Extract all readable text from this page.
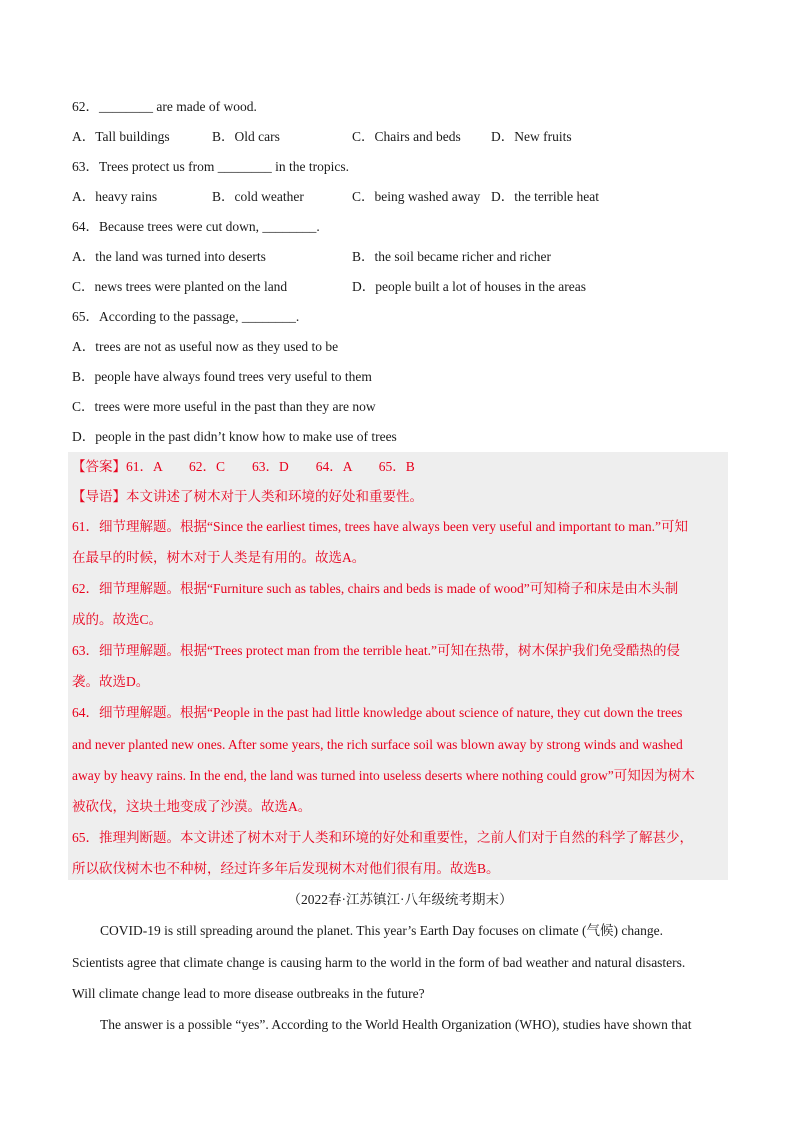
62．________ are made of wood.
A．Tall buildings	B．Old cars	C．Chairs and beds D．New fruits
63．Trees protect us from ________ in the tropics.
A．heavy rains	B．cold weather	C．being washed away D．the terrible heat
64．Because trees were cut down, ________.
A．the land was turned into deserts	B．the soil became richer and richer
C．news trees were planted on the land	D．people built a lot of houses in the areas
65．According to the passage, ________.
A．trees are not as useful now as they used to be
B．people have always found trees very useful to them
C．trees were more useful in the past than they are now
D．people in the past didn’t know how to make use of trees
【答案】61．A　　62．C　　63．D　　64．A　　65．B
【导语】本文讲述了树木对于人类和环境的好处和重要性。
61．细节理解题。根据“Since the earliest times, trees have always been very useful and important to man.”可知
在最早的时候，树木对于人类是有用的。故选A。
62．细节理解题。根据“Furniture such as tables, chairs and beds is made of wood”可知椅子和床是由木头制
成的。故选C。
63．细节理解题。根据“Trees protect man from the terrible heat.”可知在热带，树木保护我们免受酷热的侵
袭。故选D。
64．细节理解题。根据“People in the past had little knowledge about science of nature, they cut down the trees
and never planted new ones. After some years, the rich surface soil was blown away by strong winds and washed
away by heavy rains. In the end, the land was turned into useless deserts where nothing could grow”可知因为树木
被砍伐，这块土地变成了沙漠。故选A。
65．推理判断题。本文讲述了树木对于人类和环境的好处和重要性，之前人们对于自然的科学了解甚少，
所以砍伐树木也不种树，经过许多年后发现树木对他们很有用。故选B。
（2022春·江苏镇江·八年级统考期末）
COVID-19 is still spreading around the planet. This year’s Earth Day focuses on climate (气候) change.
Scientists agree that climate change is causing harm to the world in the form of bad weather and natural disasters.
Will climate change lead to more disease outbreaks in the future?
The answer is a possible “yes”. According to the World Health Organization (WHO), studies have shown that
